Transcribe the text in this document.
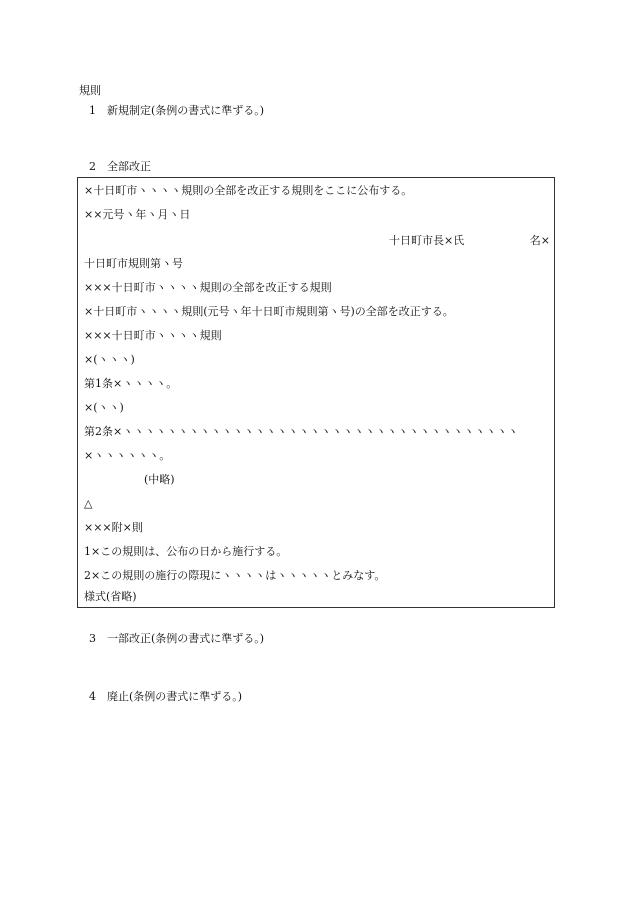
規則
1 新規制定(条例の書式に準ずる。)
2 全部改正
×十日町市ヽヽヽヽ規則の全部を改正する規則をここに公布する。
××元号ヽ年ヽ月ヽ日
十日町市長×氏	名×
十日町市規則第ヽ号
×××十日町市ヽヽヽヽ規則の全部を改正する規則
×十日町市ヽヽヽヽ規則(元号ヽ年十日町市規則第ヽ号)の全部を改正する。
×××十日町市ヽヽヽヽ規則
×(ヽヽヽ)
第1条×ヽヽヽヽ。
×(ヽヽ)
第2条×ヽヽヽヽヽヽヽヽヽヽヽヽヽヽヽヽヽヽヽヽヽヽヽヽヽヽヽヽヽヽヽヽヽヽヽヽ
×ヽヽヽヽヽヽ。
(中略)
△
×××附×則
1×この規則は、公布の日から施行する。
2×この規則の施行の際現にヽヽヽヽはヽヽヽヽヽとみなす。
様式(省略)
3 一部改正(条例の書式に準ずる。)
4 廃止(条例の書式に準ずる。)
